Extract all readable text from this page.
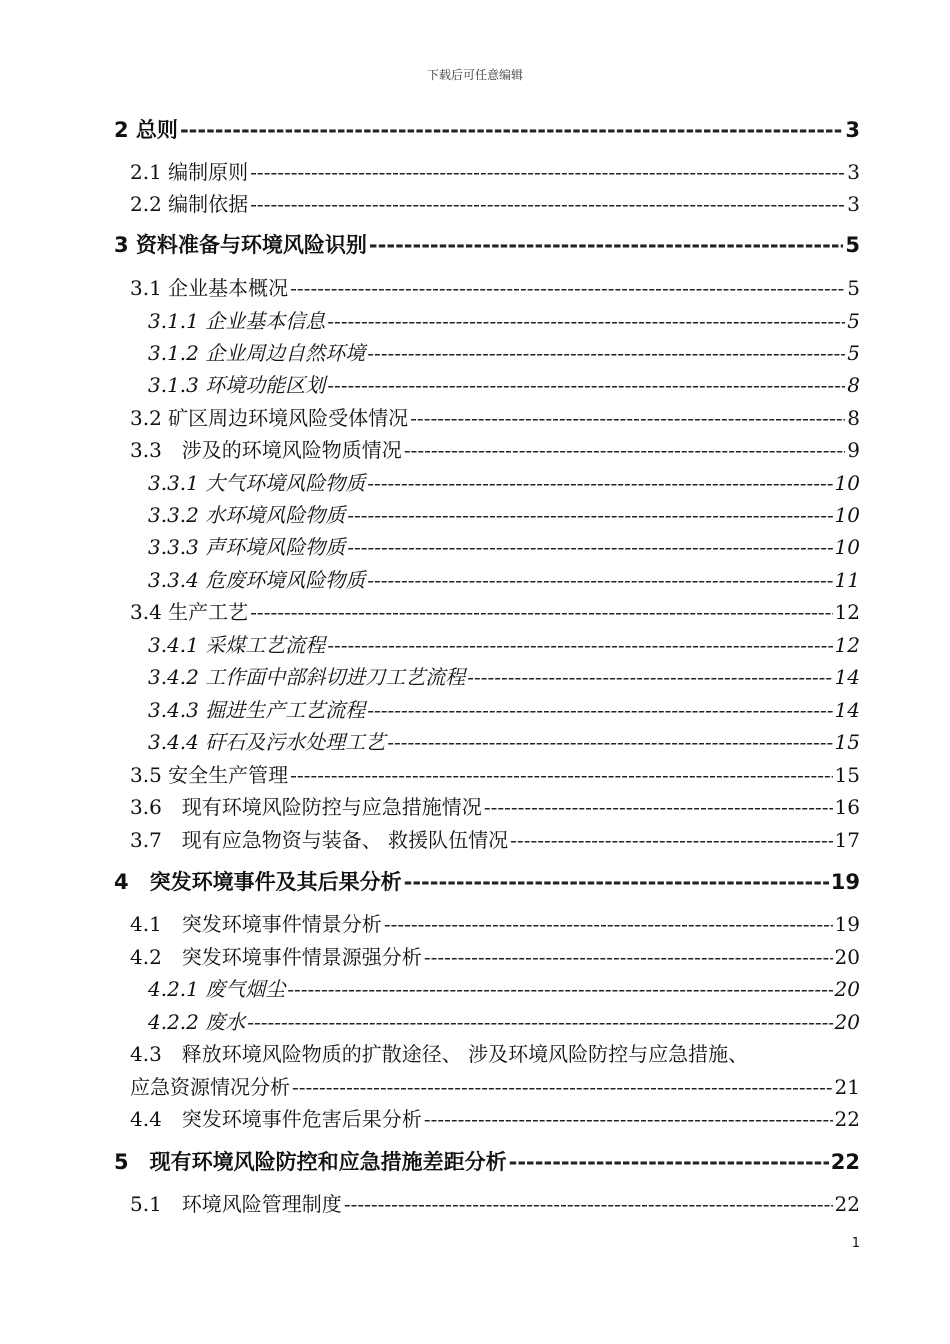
下载后可任意编辑
2 总则 -----	3
2.1 编制原则 -----	3
2.2 编制依据 -----	3
3 资料准备与环境风险识别 -----	5
3.1 企业基本概况 -----	5
3.1.1 企业基本信息 -----	5
3.1.2 企业周边自然环境 -----	5
3.1.3 环境功能区划 -----	8
3.2 矿区周边环境风险受体情况 -----	8
3.3　涉及的环境风险物质情况 -----	9
3.3.1 大气环境风险物质 -----	10
3.3.2 水环境风险物质 -----	10
3.3.3 声环境风险物质 -----	10
3.3.4 危废环境风险物质 -----	11
3.4 生产工艺 -----	12
3.4.1 采煤工艺流程 -----	12
3.4.2 工作面中部斜切进刀工艺流程 -----	14
3.4.3 掘进生产工艺流程 -----	14
3.4.4 矸石及污水处理工艺 -----	15
3.5 安全生产管理 -----	15
3.6　现有环境风险防控与应急措施情况 -----	16
3.7　现有应急物资与装备、 救援队伍情况 -----	17
4　突发环境事件及其后果分析 -----	19
4.1　突发环境事件情景分析 -----	19
4.2　突发环境事件情景源强分析 -----	20
4.2.1 废气烟尘 -----	20
4.2.2 废水 -----	20
4.3　释放环境风险物质的扩散途径、 涉及环境风险防控与应急措施、
应急资源情况分析 -----	21
4.4　突发环境事件危害后果分析 -----	22
5　现有环境风险防控和应急措施差距分析 -----	22
5.1　环境风险管理制度 -----	22
1
